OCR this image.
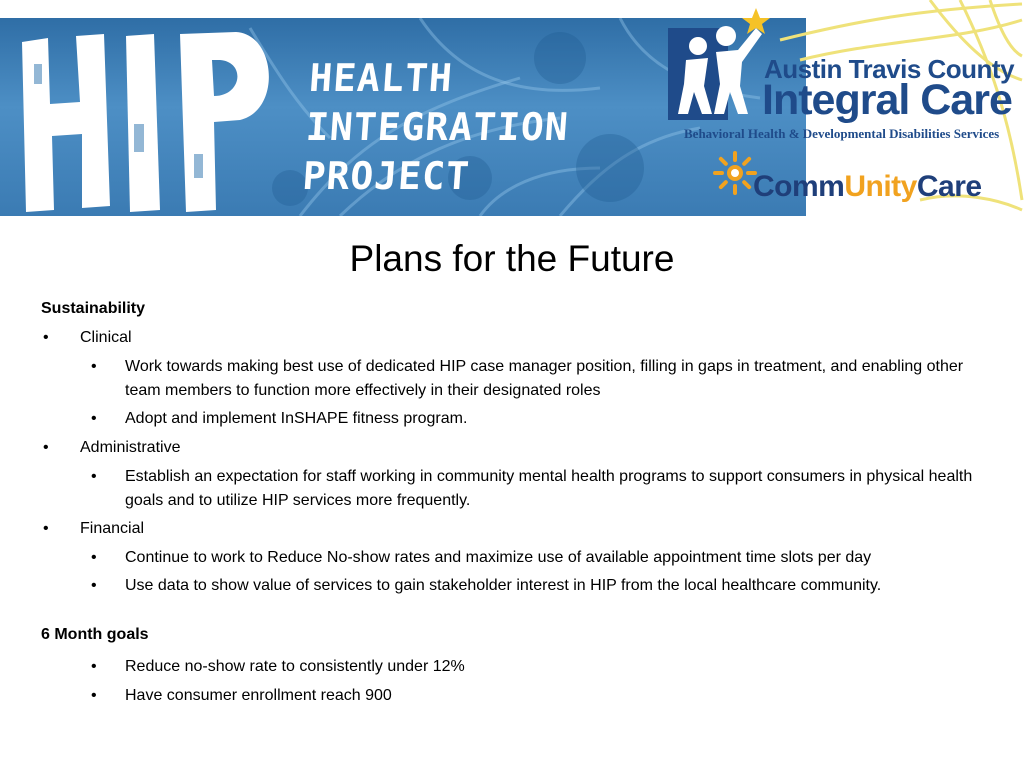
HEALTH
INTEGRATION
PROJECT

Austin Travis County

Integral Care

Behavioral Health & Developmental Disabilities Services

CommUnityCare

Plans for the Future

Sustainability

• Clinical
• Work towards making best use of dedicated HIP case manager position, filling in gaps in treatment, and enabling other team members to function more effectively in their designated roles
• Adopt and implement InSHAPE fitness program.
• Administrative
• Establish an expectation for staff working in community mental health programs to support consumers in physical health goals and to utilize HIP services more frequently.
• Financial
• Continue to work to Reduce No-show rates and maximize use of available appointment time slots per day
• Use data to show value of services to gain stakeholder interest in HIP from the local healthcare community.

6 Month goals

• Reduce no-show rate to consistently under 12%
• Have consumer enrollment reach 900
